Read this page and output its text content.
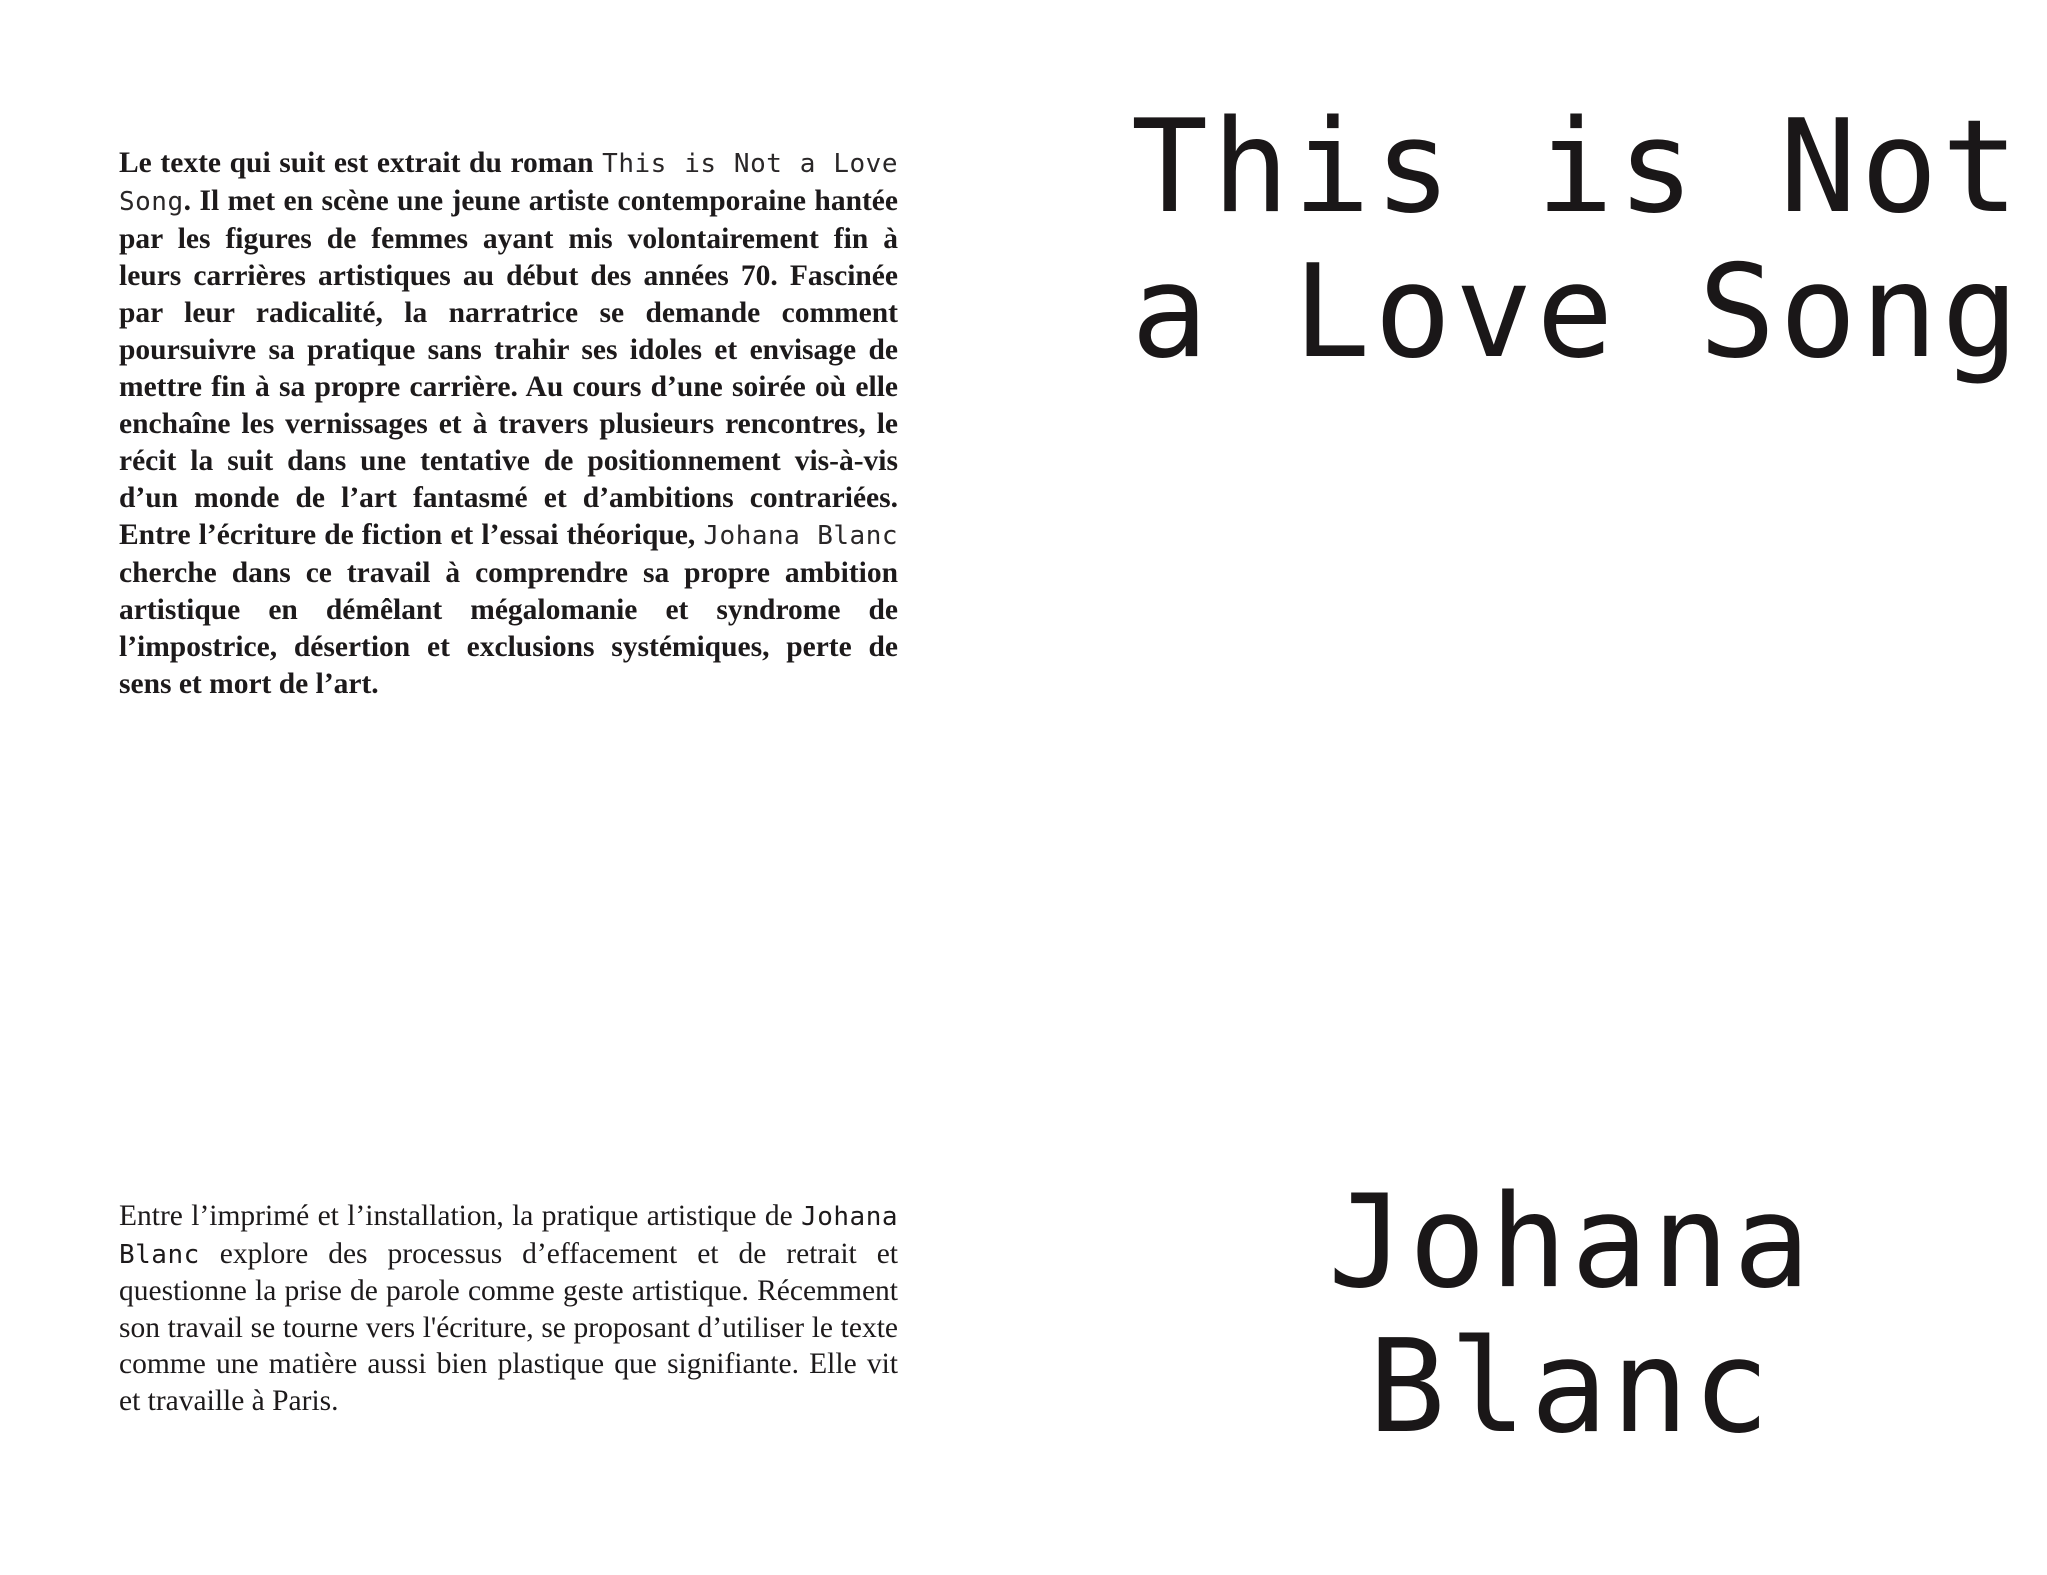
Le texte qui suit est extrait du roman This is Not a Love Song. Il met en scène une jeune artiste contemporaine hantée par les figures de femmes ayant mis volontairement fin à leurs carrières artistiques au début des années 70. Fascinée par leur radicalité, la narratrice se demande comment poursuivre sa pratique sans trahir ses idoles et envisage de mettre fin à sa propre carrière. Au cours d’une soirée où elle enchaîne les vernissages et à travers plusieurs rencontres, le récit la suit dans une tentative de positionnement vis-à-vis d’un monde de l’art fantasmé et d’ambitions contrariées. Entre l’écriture de fiction et l’essai théorique, Johana Blanc cherche dans ce travail à comprendre sa propre ambition artistique en démêlant mégalomanie et syndrome de l’impostrice, désertion et exclusions systémiques, perte de sens et mort de l’art.

Entre l’imprimé et l’installation, la pratique artistique de Johana Blanc explore des processus d’effacement et de retrait et questionne la prise de parole comme geste artistique. Récemment son travail se tourne vers l'écriture, se proposant d’utiliser le texte comme une matière aussi bien plastique que signifiante. Elle vit et travaille à Paris.

This is Not
a Love Song
Johana
Blanc
